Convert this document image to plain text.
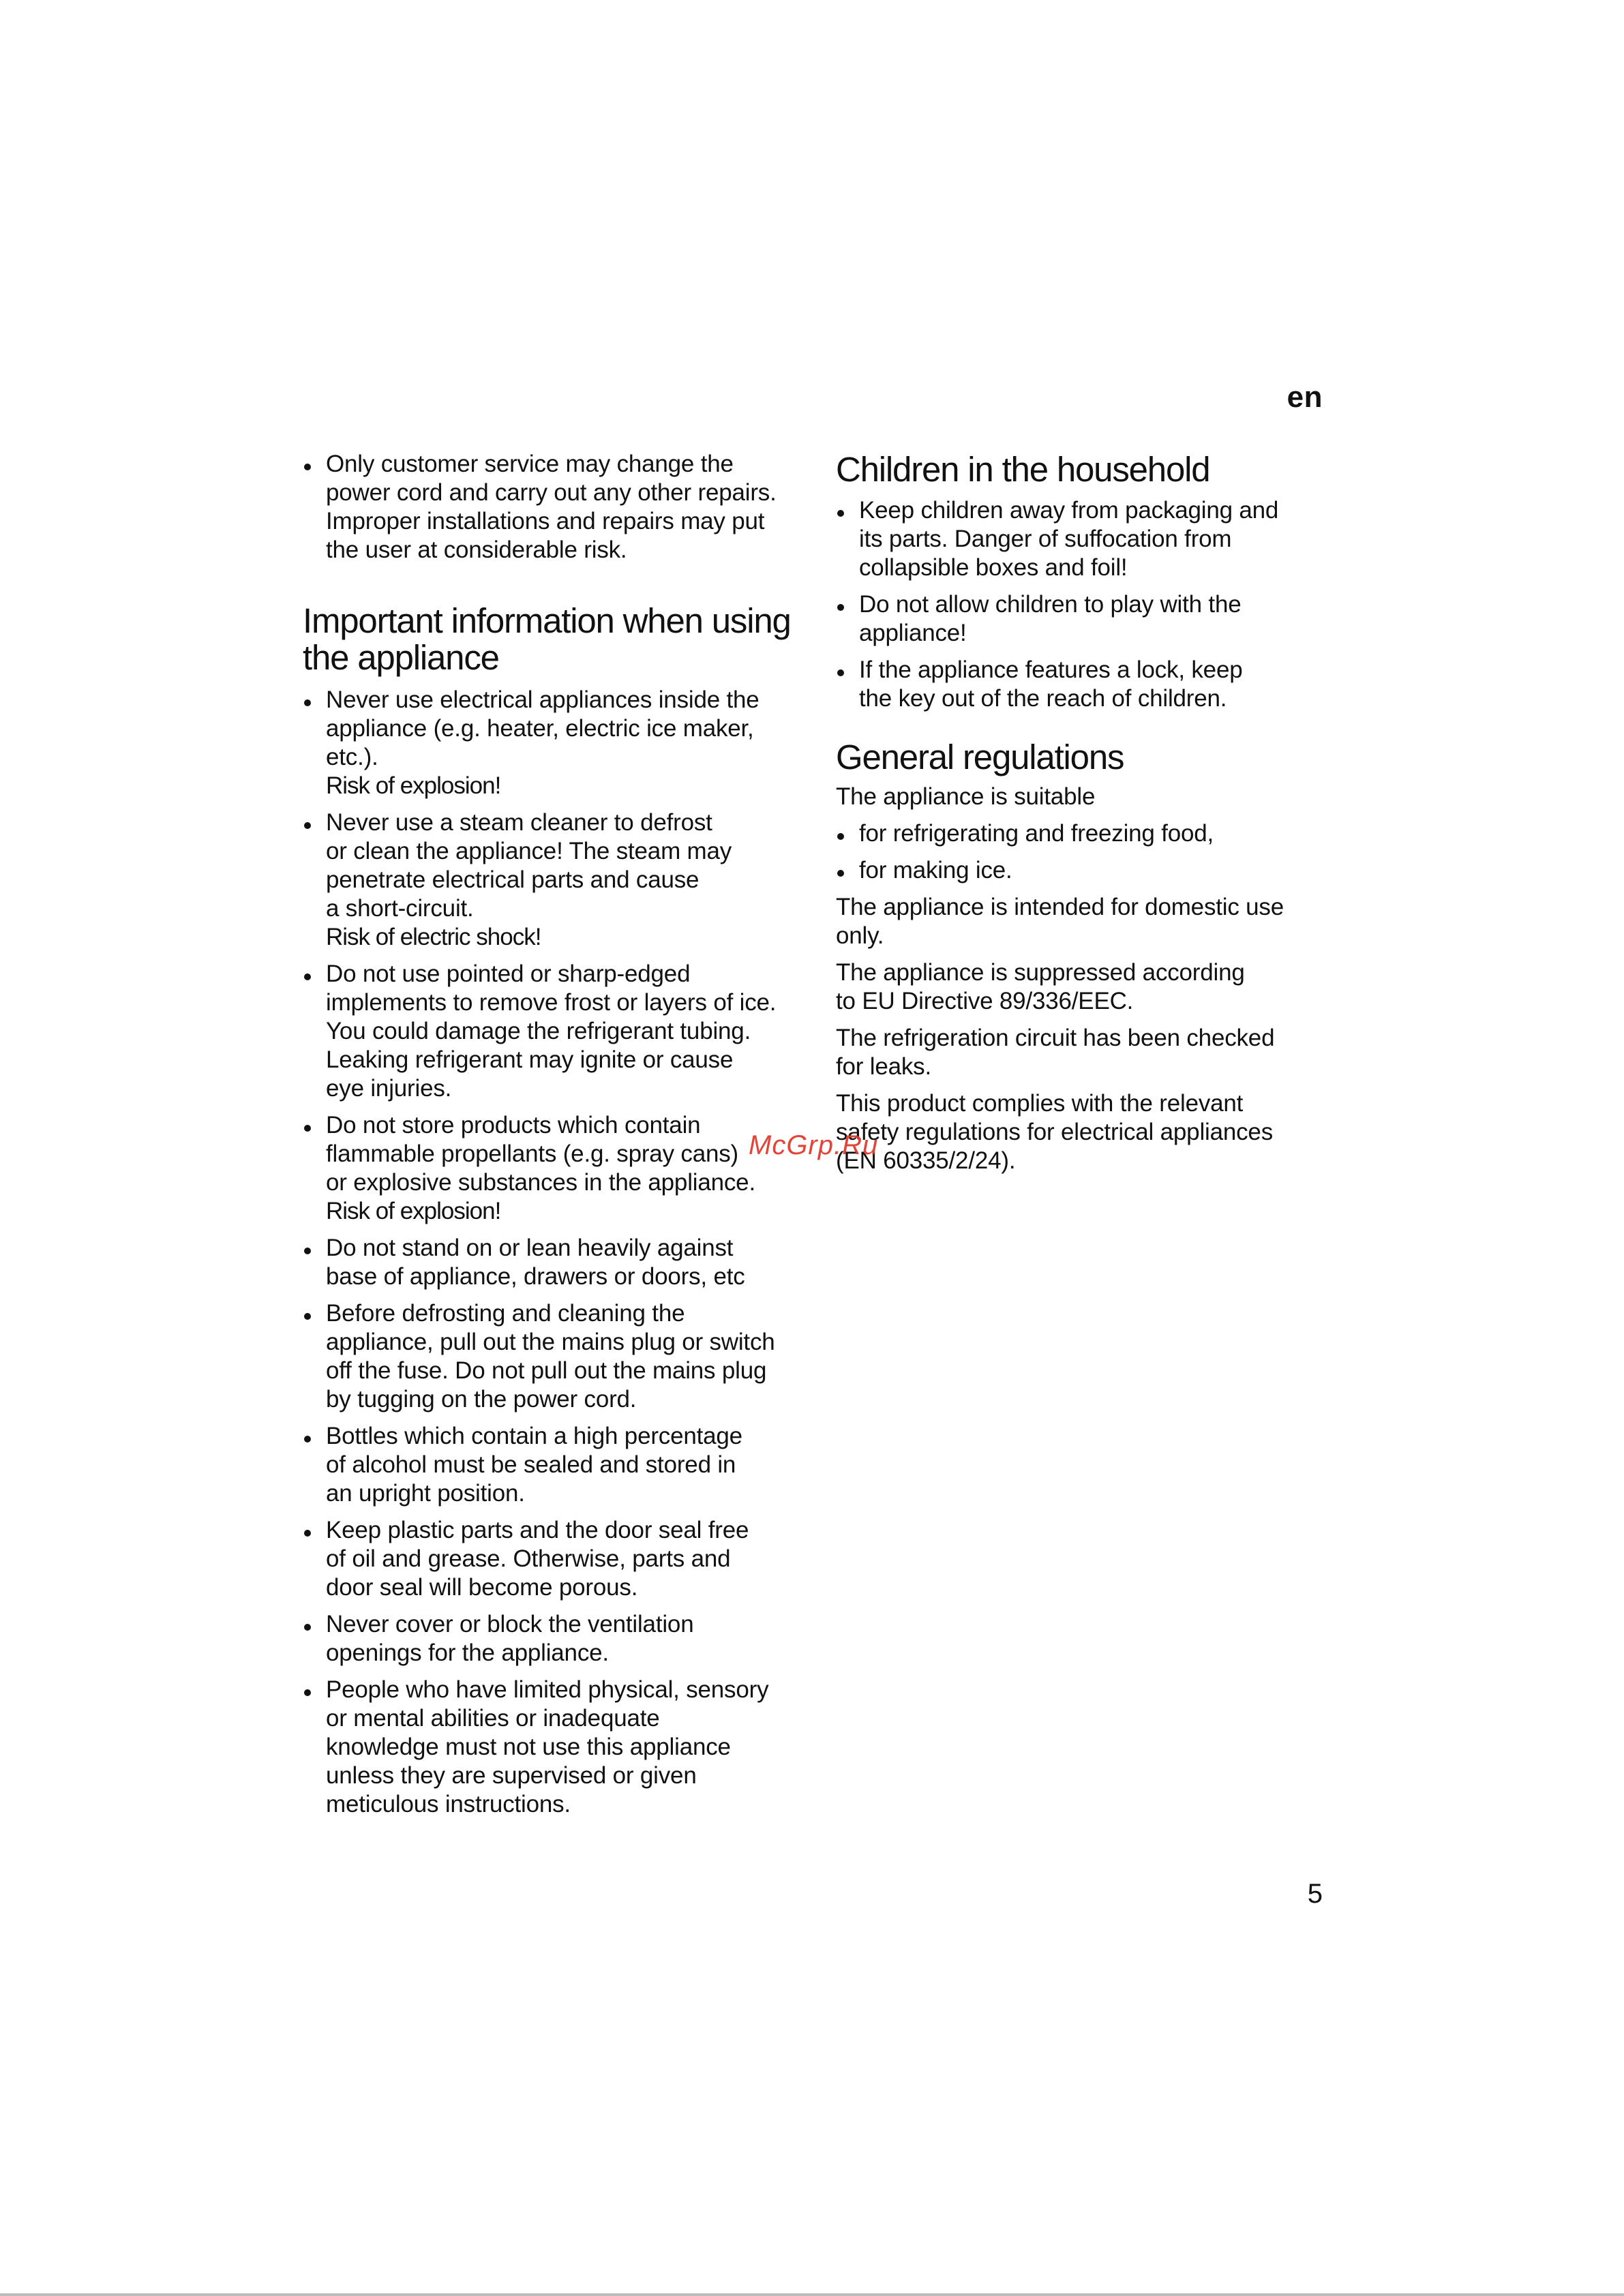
en
Only customer service may change the
power cord and carry out any other repairs.
Improper installations and repairs may put
the user at considerable risk.
Important information when using
the appliance
Never use electrical appliances inside the
appliance (e.g. heater, electric ice maker,
etc.).
Risk of explosion!
Never use a steam cleaner to defrost
or clean the appliance! The steam may
penetrate electrical parts and cause
a short-circuit.
Risk of electric shock!
Do not use pointed or sharp-edged
implements to remove frost or layers of ice.
You could damage the refrigerant tubing.
Leaking refrigerant may ignite or cause
eye injuries.
Do not store products which contain
flammable propellants (e.g. spray cans)
or explosive substances in the appliance.
Risk of explosion!
Do not stand on or lean heavily against
base of appliance, drawers or doors, etc
Before defrosting and cleaning the
appliance, pull out the mains plug or switch
off the fuse. Do not pull out the mains plug
by tugging on the power cord.
Bottles which contain a high percentage
of alcohol must be sealed and stored in
an upright position.
Keep plastic parts and the door seal free
of oil and grease. Otherwise, parts and
door seal will become porous.
Never cover or block the ventilation
openings for the appliance.
People who have limited physical, sensory
or mental abilities or inadequate
knowledge must not use this appliance
unless they are supervised or given
meticulous instructions.
Children in the household
Keep children away from packaging and
its parts. Danger of suffocation from
collapsible boxes and foil!
Do not allow children to play with the
appliance!
If the appliance features a lock, keep
the key out of the reach of children.
General regulations

The appliance is suitable

for refrigerating and freezing food,
for making ice.

The appliance is intended for domestic use
only.

The appliance is suppressed according
to EU Directive 89/336/EEC.

The refrigeration circuit has been checked
for leaks.

This product complies with the relevant
safety regulations for electrical appliances
(EN 60335/2/24).

McGrp.Ru
5
